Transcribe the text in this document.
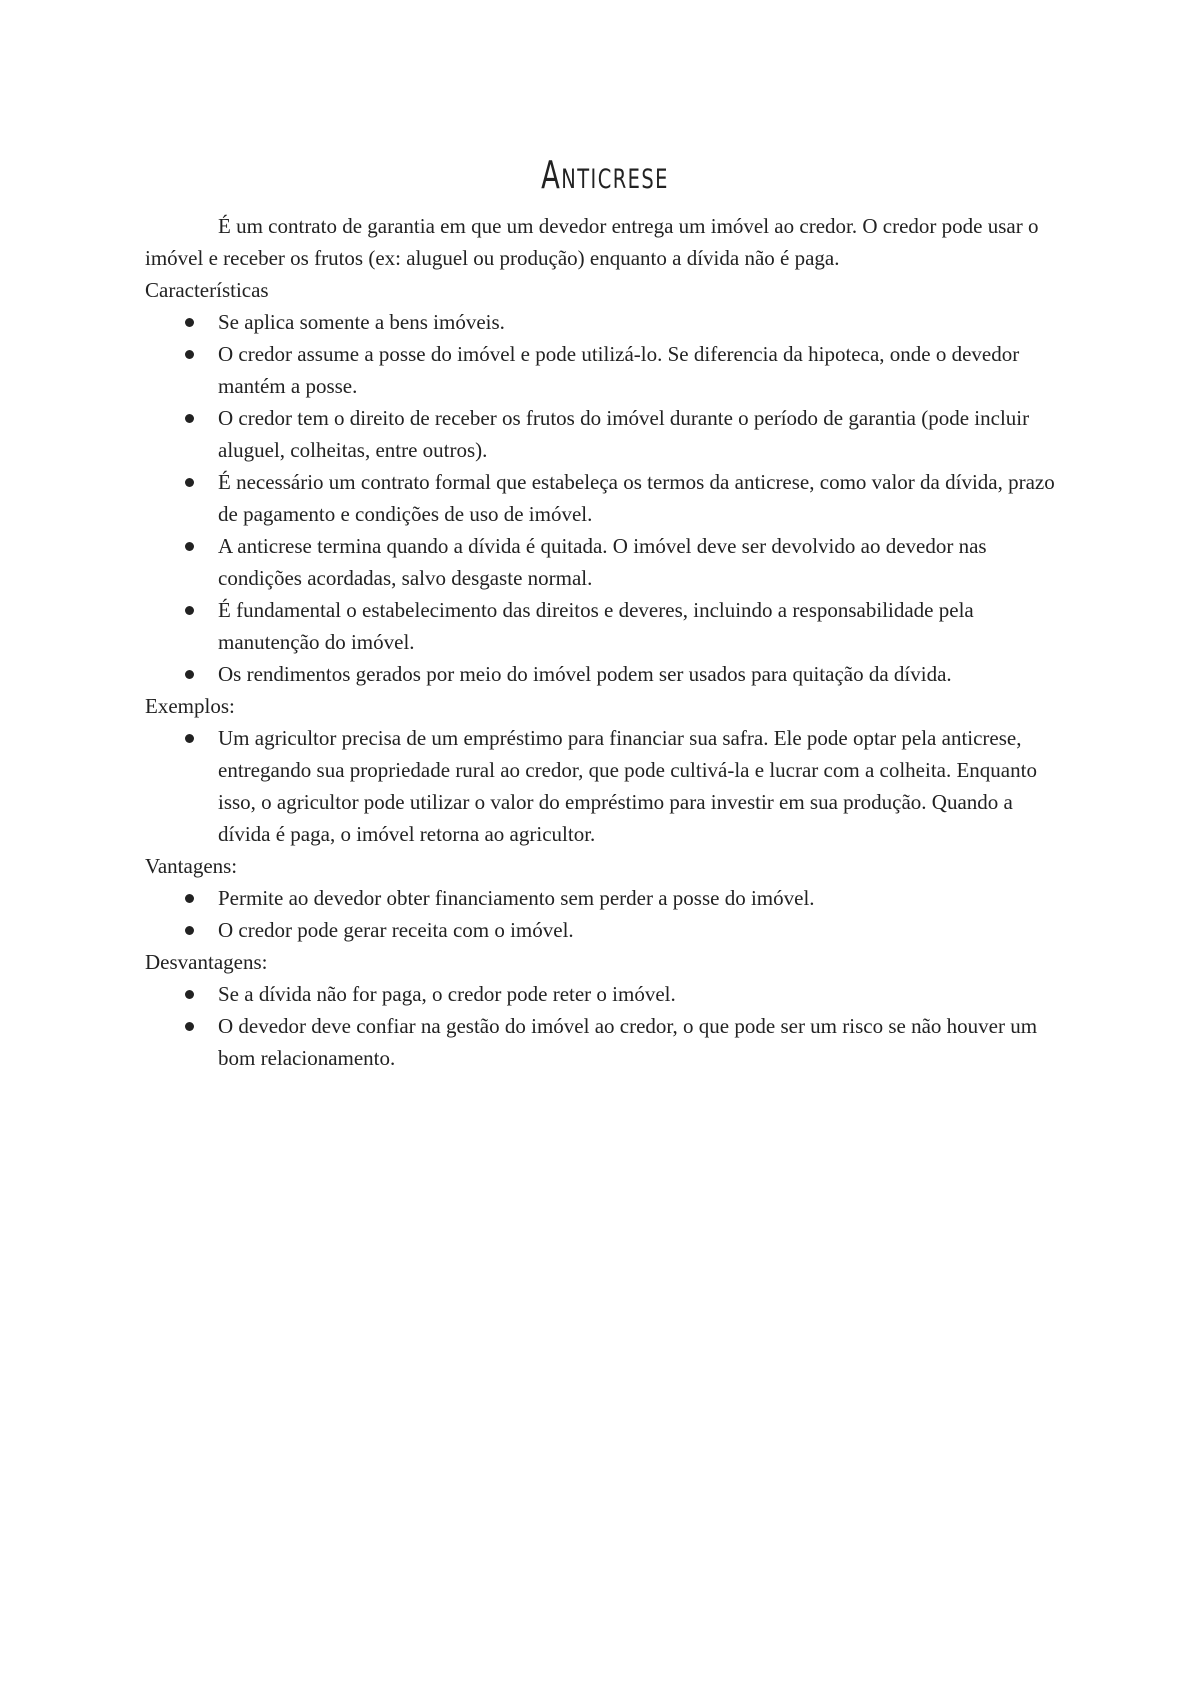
Anticrese

É um contrato de garantia em que um devedor entrega um imóvel ao credor. O credor pode usar o imóvel e receber os frutos (ex: aluguel ou produção) enquanto a dívida não é paga.

Características

Se aplica somente a bens imóveis.
O credor assume a posse do imóvel e pode utilizá-lo. Se diferencia da hipoteca, onde o devedor mantém a posse.
O credor tem o direito de receber os frutos do imóvel durante o período de garantia (pode incluir aluguel, colheitas, entre outros).
É necessário um contrato formal que estabeleça os termos da anticrese, como valor da dívida, prazo de pagamento e condições de uso de imóvel.
A anticrese termina quando a dívida é quitada. O imóvel deve ser devolvido ao devedor nas condições acordadas, salvo desgaste normal.
É fundamental o estabelecimento das direitos e deveres, incluindo a responsabilidade pela manutenção do imóvel.
Os rendimentos gerados por meio do imóvel podem ser usados para quitação da dívida.

Exemplos:

Um agricultor precisa de um empréstimo para financiar sua safra. Ele pode optar pela anticrese, entregando sua propriedade rural ao credor, que pode cultivá-la e lucrar com a colheita. Enquanto isso, o agricultor pode utilizar o valor do empréstimo para investir em sua produção. Quando a dívida é paga, o imóvel retorna ao agricultor.

Vantagens:

Permite ao devedor obter financiamento sem perder a posse do imóvel.
O credor pode gerar receita com o imóvel.

Desvantagens:

Se a dívida não for paga, o credor pode reter o imóvel.
O devedor deve confiar na gestão do imóvel ao credor, o que pode ser um risco se não houver um bom relacionamento.
